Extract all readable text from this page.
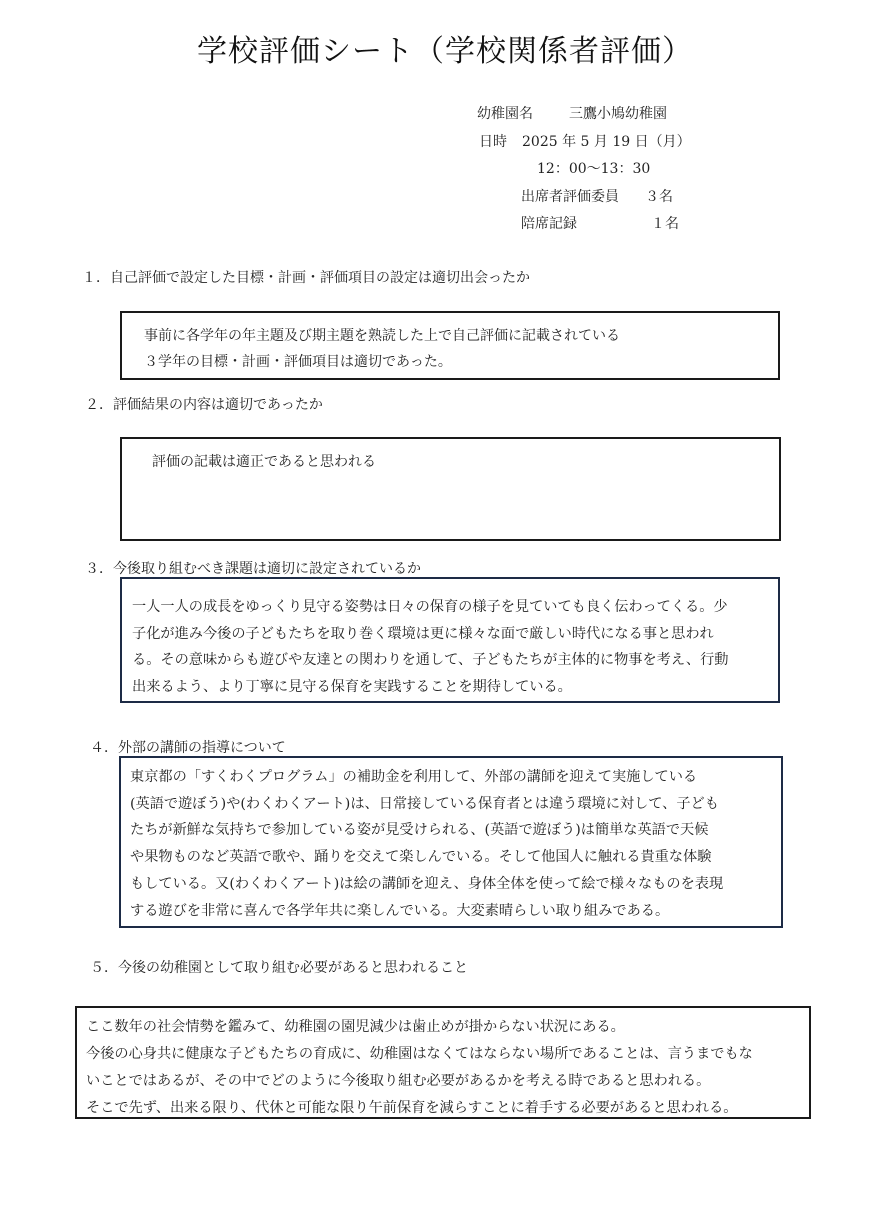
学校評価シート（学校関係者評価）
幼稚園名	三鷹小鳩幼稚園
日時 2025 年 5 月 19 日（月）
12：00～13：30
出席者評価委員 ３名
陪席記録	１名
１．自己評価で設定した目標・計画・評価項目の設定は適切出会ったか
事前に各学年の年主題及び期主題を熟読した上で自己評価に記載されている
３学年の目標・計画・評価項目は適切であった。
２．評価結果の内容は適切であったか
評価の記載は適正であると思われる
３．今後取り組むべき課題は適切に設定されているか
一人一人の成長をゆっくり見守る姿勢は日々の保育の様子を見ていても良く伝わってくる。少
子化が進み今後の子どもたちを取り巻く環境は更に様々な面で厳しい時代になる事と思われ
る。その意味からも遊びや友達との関わりを通して、子どもたちが主体的に物事を考え、行動
出来るよう、より丁寧に見守る保育を実践することを期待している。
４．外部の講師の指導について
東京都の「すくわくプログラム」の補助金を利用して、外部の講師を迎えて実施している
(英語で遊ぼう)や(わくわくアート)は、日常接している保育者とは違う環境に対して、子ども
たちが新鮮な気持ちで参加している姿が見受けられる、(英語で遊ぼう)は簡単な英語で天候
や果物ものなど英語で歌や、踊りを交えて楽しんでいる。そして他国人に触れる貴重な体験
もしている。又(わくわくアート)は絵の講師を迎え、身体全体を使って絵で様々なものを表現
する遊びを非常に喜んで各学年共に楽しんでいる。大変素晴らしい取り組みである。
５．今後の幼稚園として取り組む必要があると思われること
ここ数年の社会情勢を鑑みて、幼稚園の園児減少は歯止めが掛からない状況にある。
今後の心身共に健康な子どもたちの育成に、幼稚園はなくてはならない場所であることは、言うまでもな
いことではあるが、その中でどのように今後取り組む必要があるかを考える時であると思われる。
そこで先ず、出来る限り、代休と可能な限り午前保育を減らすことに着手する必要があると思われる。
